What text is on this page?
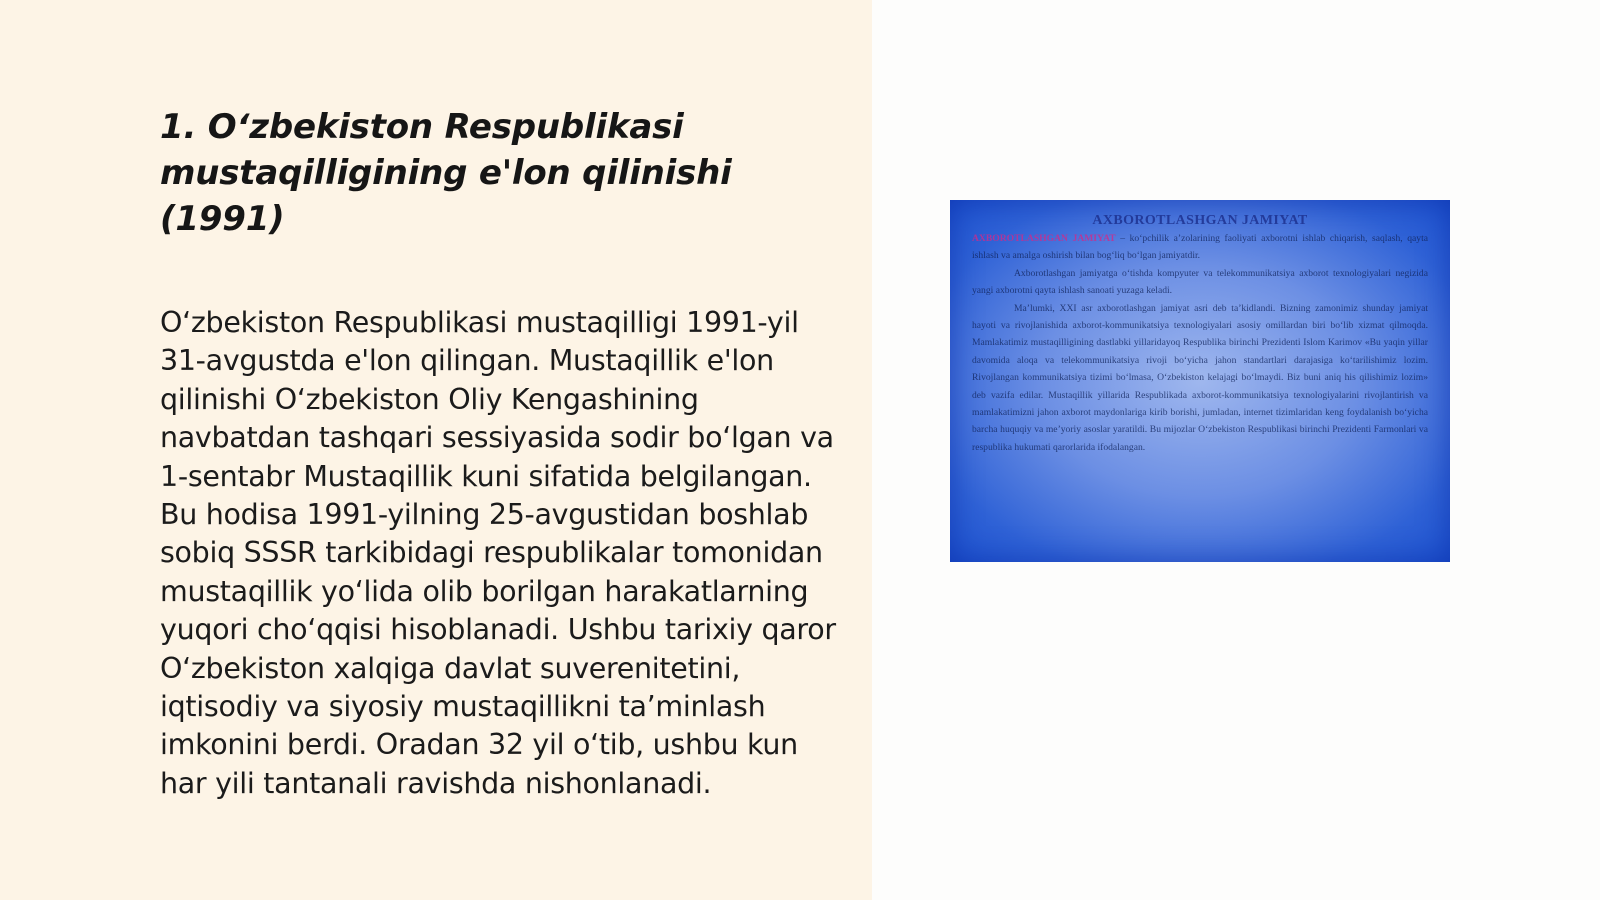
1. O‘zbekiston Respublikasi mustaqilligining e'lon qilinishi (1991)

O‘zbekiston Respublikasi mustaqilligi 1991-yil 31-avgustda e'lon qilingan. Mustaqillik e'lon qilinishi O‘zbekiston Oliy Kengashining navbatdan tashqari sessiyasida sodir bo‘lgan va 1-sentabr Mustaqillik kuni sifatida belgilangan. Bu hodisa 1991-yilning 25-avgustidan boshlab sobiq SSSR tarkibidagi respublikalar tomonidan mustaqillik yo‘lida olib borilgan harakatlarning yuqori cho‘qqisi hisoblanadi. Ushbu tarixiy qaror O‘zbekiston xalqiga davlat suverenitetini, iqtisodiy va siyosiy mustaqillikni ta’minlash imkonini berdi. Oradan 32 yil o‘tib, ushbu kun har yili tantanali ravishda nishonlanadi.

AXBOROTLASHGAN JAMIYAT

AXBOROTLASHGAN JAMIYAT – ko‘pchilik a’zolarining faoliyati axborotni ishlab chiqarish, saqlash, qayta ishlash va amalga oshirish bilan bog‘liq bo‘lgan jamiyatdir.

Axborotlashgan jamiyatga o‘tishda kompyuter va telekommunikatsiya axborot texnologiyalari negizida yangi axborotni qayta ishlash sanoati yuzaga keladi.

Ma’lumki, XXI asr axborotlashgan jamiyat asri deb ta’kidlandi. Bizning zamonimiz shunday jamiyat hayoti va rivojlanishida axborot-kommunikatsiya texnologiyalari asosiy omillardan biri bo‘lib xizmat qilmoqda. Mamlakatimiz mustaqilligining dastlabki yillaridayoq Respublika birinchi Prezidenti Islom Karimov «Bu yaqin yillar davomida aloqa va telekommunikatsiya rivoji bo‘yicha jahon standartlari darajasiga ko‘tarilishimiz lozim. Rivojlangan kommunikatsiya tizimi bo‘lmasa, O‘zbekiston kelajagi bo‘lmaydi. Biz buni aniq his qilishimiz lozim» deb vazifa edilar. Mustaqillik yillarida Respublikada axborot-kommunikatsiya texnologiyalarini rivojlantirish va mamlakatimizni jahon axborot maydonlariga kirib borishi, jumladan, internet tizimlaridan keng foydalanish bo‘yicha barcha huquqiy va me’yoriy asoslar yaratildi. Bu mijozlar O‘zbekiston Respublikasi birinchi Prezidenti Farmonlari va respublika hukumati qarorlarida ifodalangan.
